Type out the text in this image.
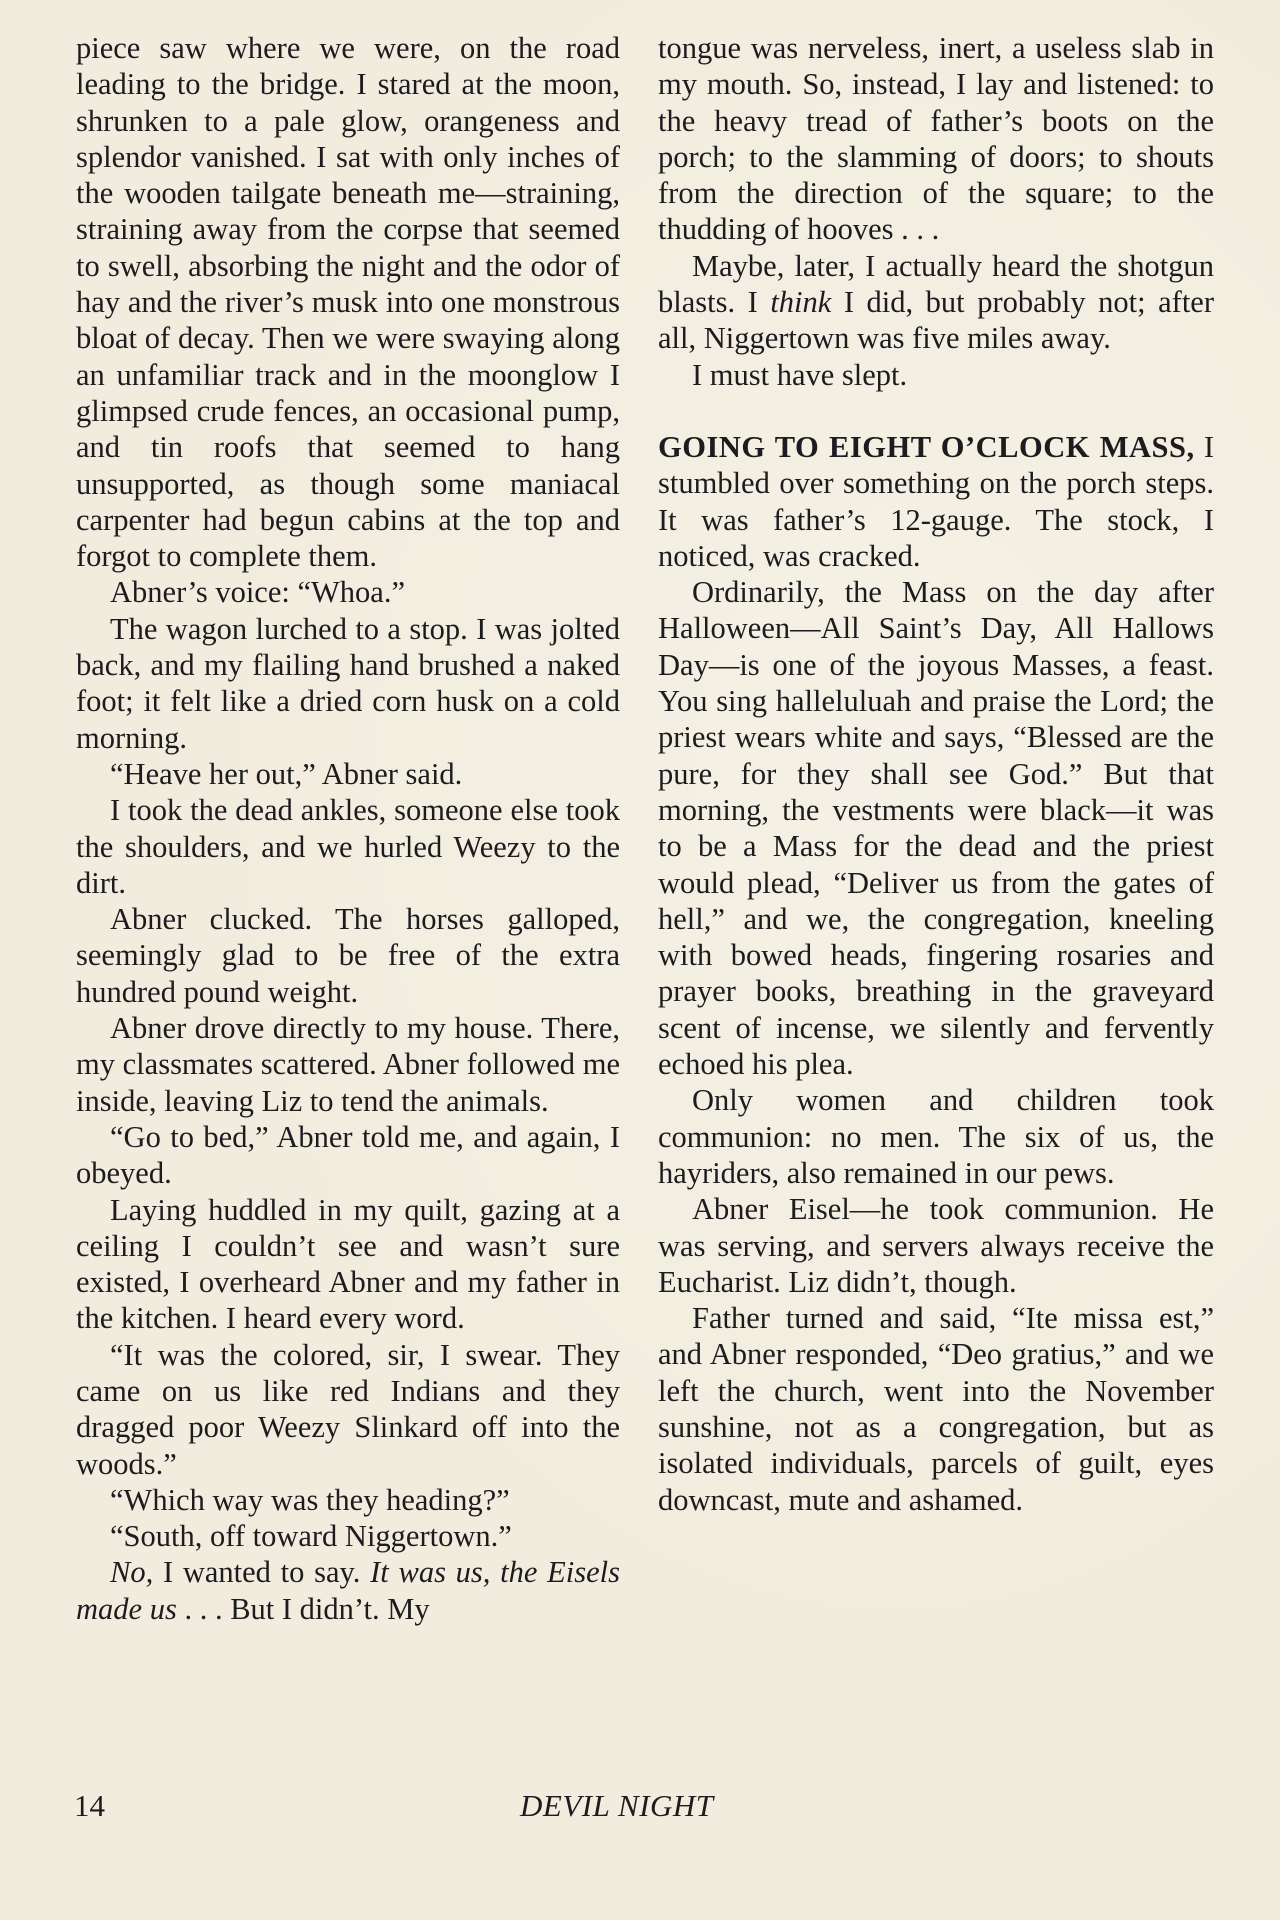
piece saw where we were, on the road leading to the bridge. I stared at the moon, shrunken to a pale glow, orangeness and splendor vanished. I sat with only inches of the wooden tailgate beneath me—straining, straining away from the corpse that seemed to swell, absorbing the night and the odor of hay and the river’s musk into one monstrous bloat of decay. Then we were swaying along an unfamiliar track and in the moonglow I glimpsed crude fences, an occasional pump, and tin roofs that seemed to hang unsupported, as though some maniacal carpenter had begun cabins at the top and forgot to complete them.

Abner’s voice: “Whoa.”

The wagon lurched to a stop. I was jolted back, and my flailing hand brushed a naked foot; it felt like a dried corn husk on a cold morning.

“Heave her out,” Abner said.

I took the dead ankles, someone else took the shoulders, and we hurled Weezy to the dirt.

Abner clucked. The horses galloped, seemingly glad to be free of the extra hundred pound weight.

Abner drove directly to my house. There, my classmates scattered. Abner followed me inside, leaving Liz to tend the animals.

“Go to bed,” Abner told me, and again, I obeyed.

Laying huddled in my quilt, gazing at a ceiling I couldn’t see and wasn’t sure existed, I overheard Abner and my father in the kitchen. I heard every word.

“It was the colored, sir, I swear. They came on us like red Indians and they dragged poor Weezy Slinkard off into the woods.”

“Which way was they heading?”

“South, off toward Niggertown.”

No, I wanted to say. It was us, the Eisels made us . . . But I didn’t. My

tongue was nerveless, inert, a useless slab in my mouth. So, instead, I lay and listened: to the heavy tread of father’s boots on the porch; to the slamming of doors; to shouts from the direction of the square; to the thudding of hooves . . .

Maybe, later, I actually heard the shotgun blasts. I think I did, but probably not; after all, Niggertown was five miles away.

I must have slept.

GOING TO EIGHT O’CLOCK MASS, I stumbled over something on the porch steps. It was father’s 12-gauge. The stock, I noticed, was cracked.

Ordinarily, the Mass on the day after Halloween—All Saint’s Day, All Hallows Day—is one of the joyous Masses, a feast. You sing halleluluah and praise the Lord; the priest wears white and says, “Blessed are the pure, for they shall see God.” But that morning, the vestments were black—it was to be a Mass for the dead and the priest would plead, “Deliver us from the gates of hell,” and we, the congregation, kneeling with bowed heads, fingering rosaries and prayer books, breathing in the graveyard scent of incense, we silently and fervently echoed his plea.

Only women and children took communion: no men. The six of us, the hayriders, also remained in our pews.

Abner Eisel—he took communion. He was serving, and servers always receive the Eucharist. Liz didn’t, though.

Father turned and said, “Ite missa est,” and Abner responded, “Deo gratius,” and we left the church, went into the November sunshine, not as a congregation, but as isolated individuals, parcels of guilt, eyes downcast, mute and ashamed.

14	DEVIL NIGHT
